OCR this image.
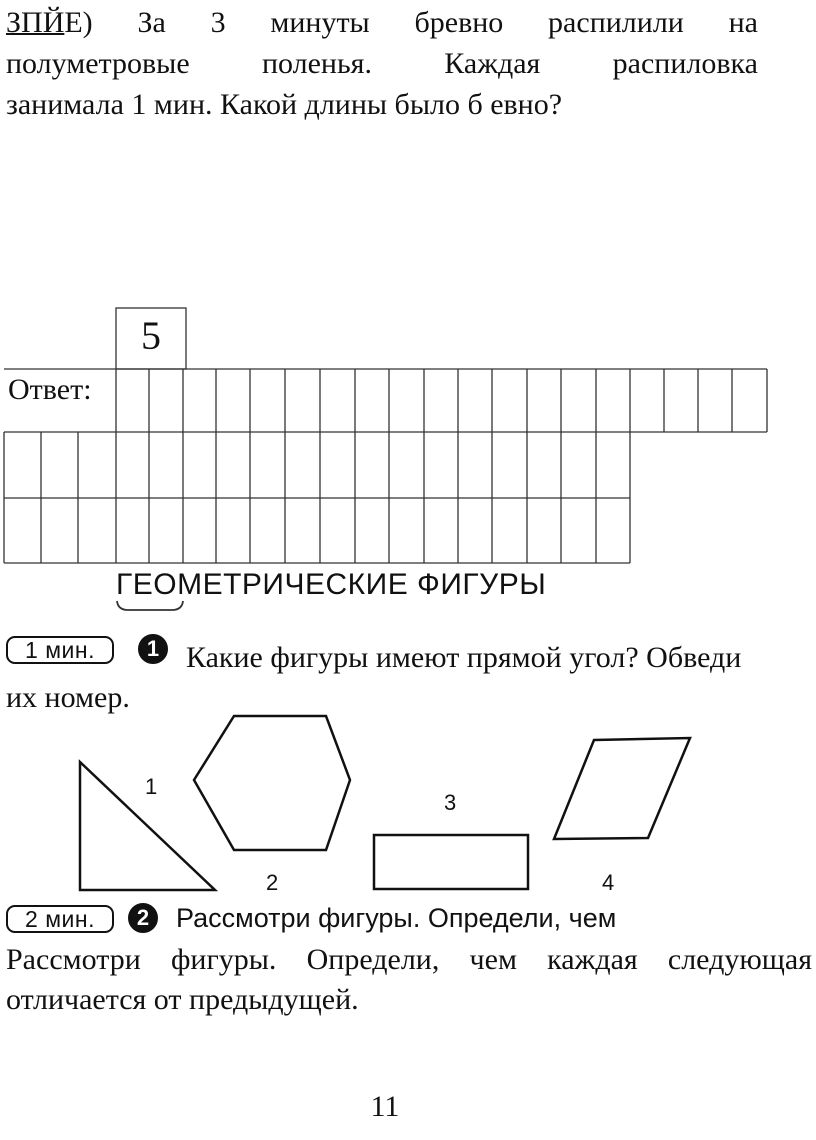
ЗПЙЕ) За 3 минуты бревно распилили на
полуметровые поленья. Каждая распиловка
занимала 1 мин. Какой длины было б евно?
5
Ответ:
ГЕОМЕТРИЧЕСКИЕ ФИГУРЫ
1 мин.	1 Какие фигуры имеют прямой угол? Обведи
их номер.
1
2
3
4
2 мин.	2 Рассмотри фигуры. Определи, чем
Рассмотри фигуры. Определи, чем каждая следующая
отличается от предыдущей.
11
